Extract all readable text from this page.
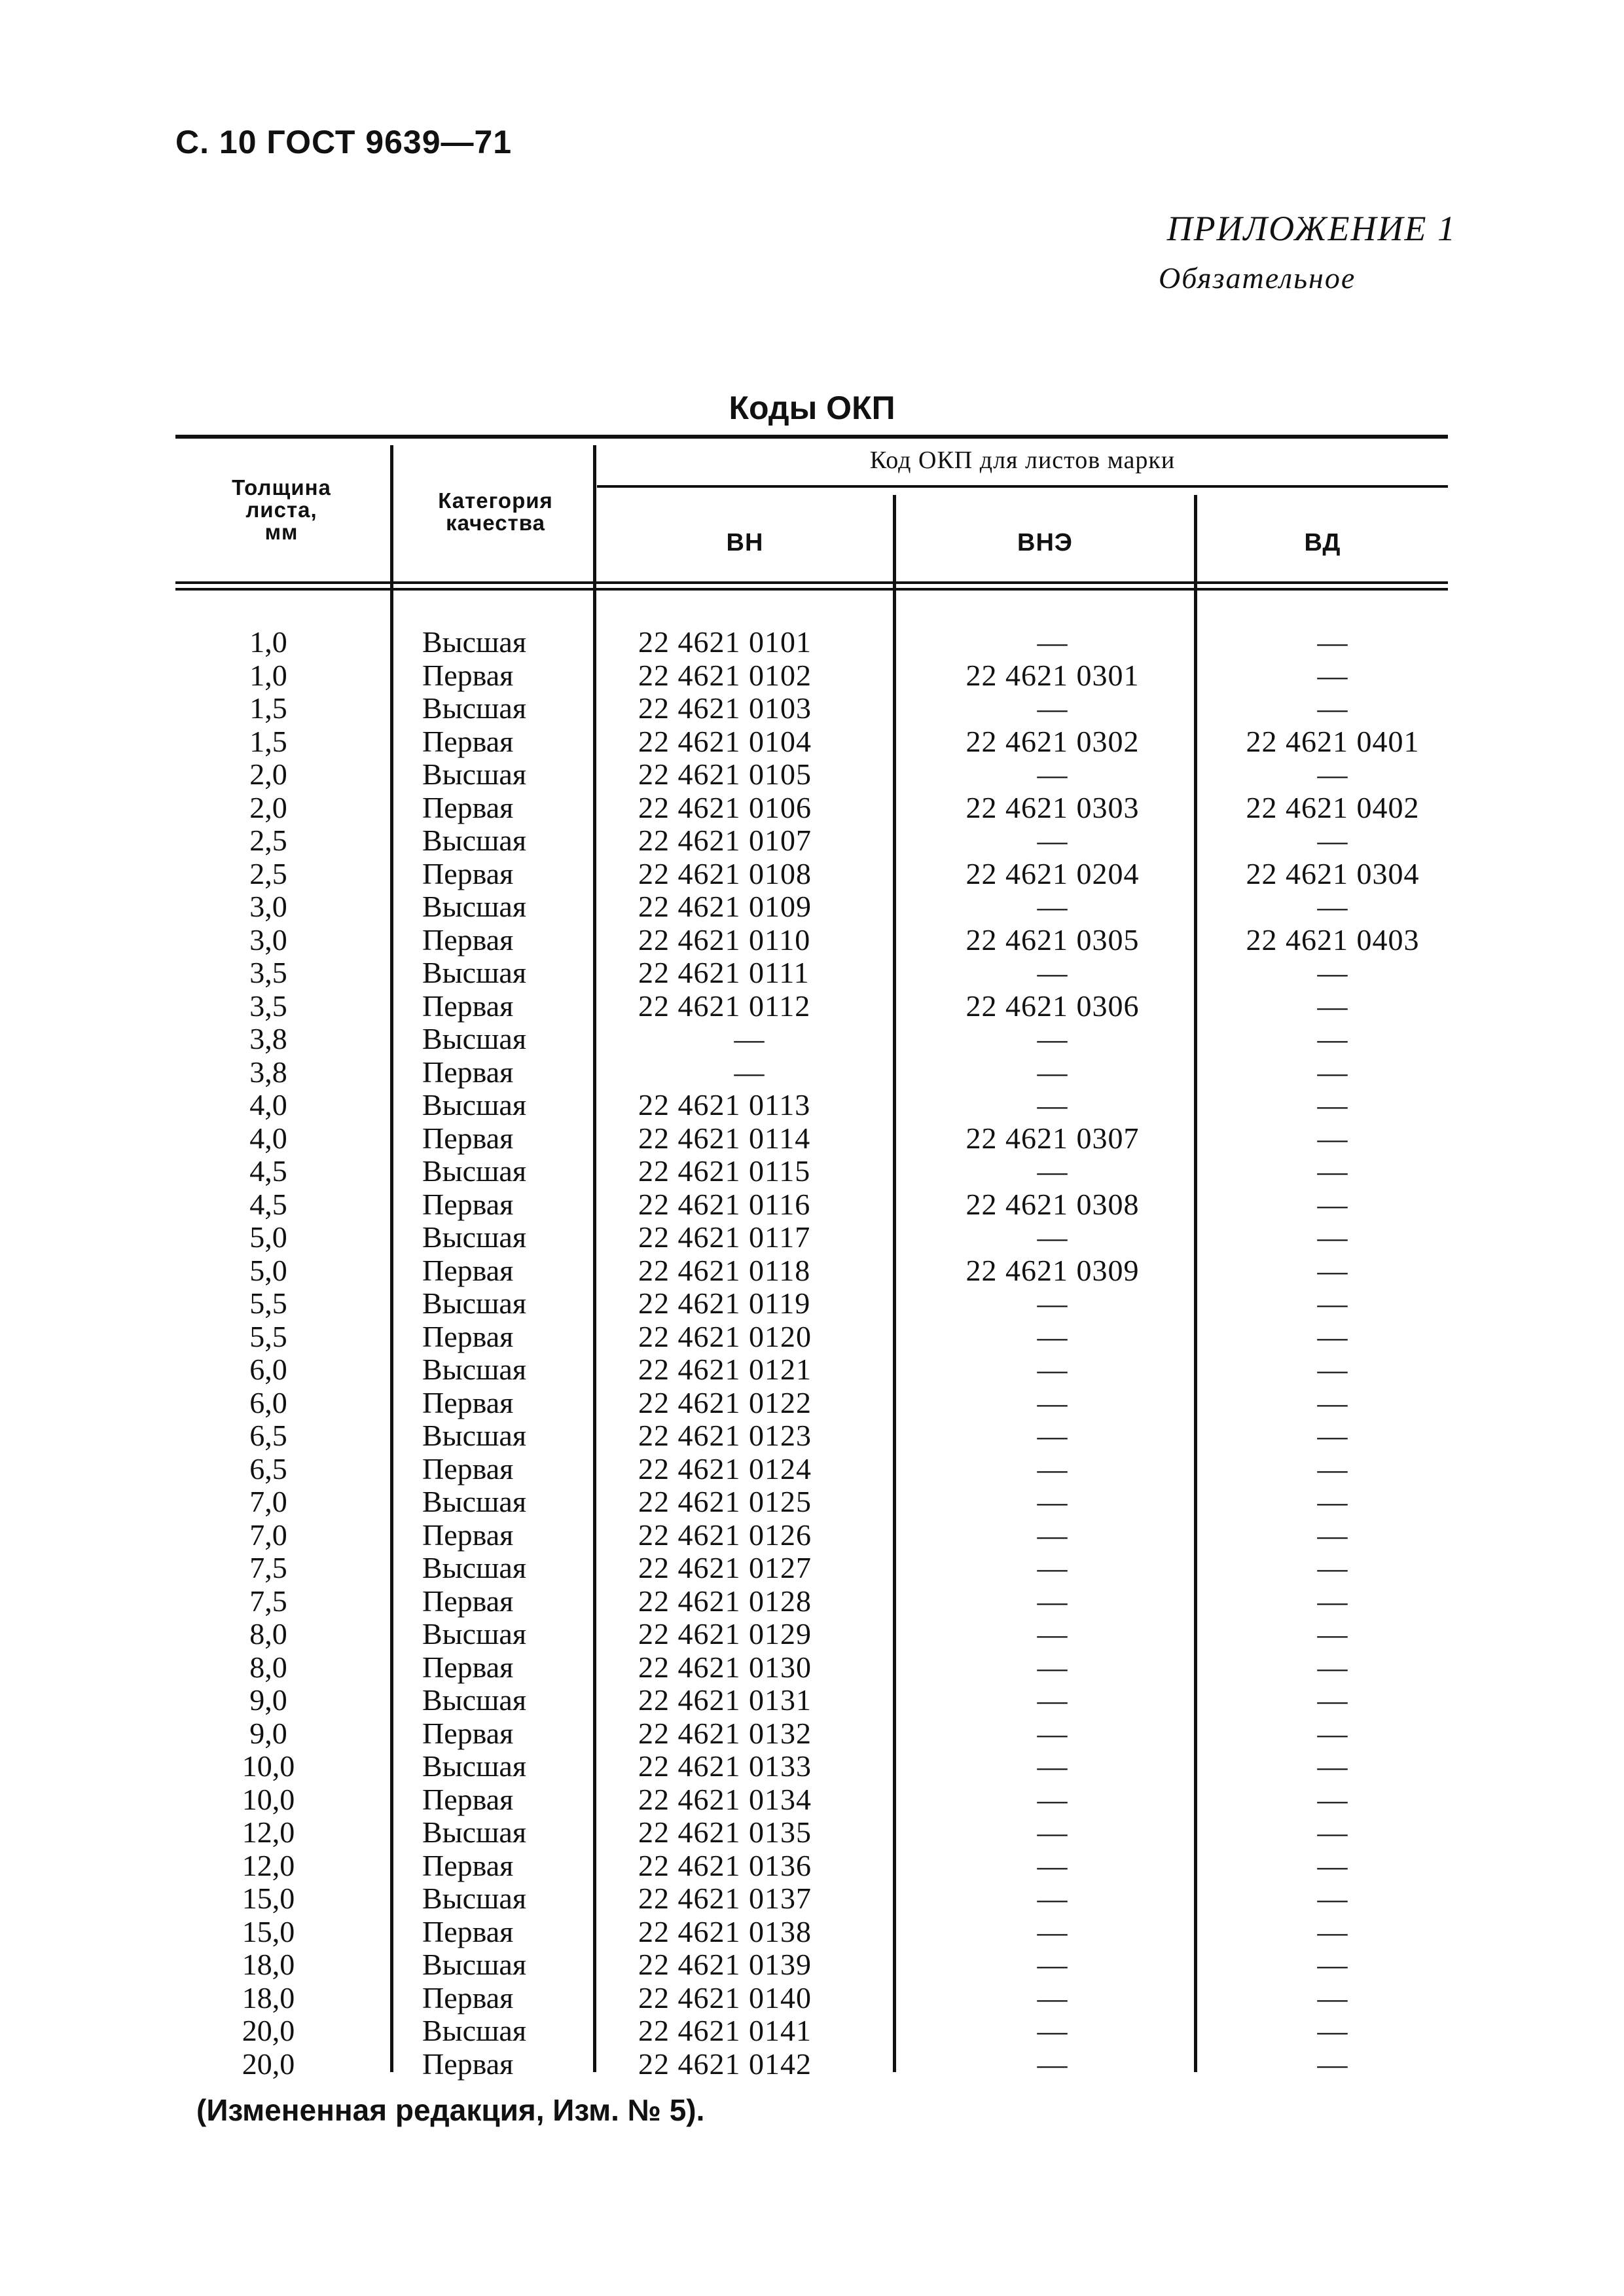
С. 10 ГОСТ 9639—71
ПРИЛОЖЕНИЕ 1
Обязательное
Коды ОКП
Толщина
листа,
мм
Категория
качества
Код ОКП для листов марки
ВН	ВНЭ	ВД
1,0	Высшая	22 4621 0101	—	—
1,0	Первая	22 4621 0102	22 4621 0301	—
1,5	Высшая	22 4621 0103	—	—
1,5	Первая	22 4621 0104	22 4621 0302	22 4621 0401
2,0	Высшая	22 4621 0105	—	—
2,0	Первая	22 4621 0106	22 4621 0303	22 4621 0402
2,5	Высшая	22 4621 0107	—	—
2,5	Первая	22 4621 0108	22 4621 0204	22 4621 0304
3,0	Высшая	22 4621 0109	—	—
3,0	Первая	22 4621 0110	22 4621 0305	22 4621 0403
3,5	Высшая	22 4621 0111	—	—
3,5	Первая	22 4621 0112	22 4621 0306	—
3,8	Высшая	—	—	—
3,8	Первая	—	—	—
4,0	Высшая	22 4621 0113	—	—
4,0	Первая	22 4621 0114	22 4621 0307	—
4,5	Высшая	22 4621 0115	—	—
4,5	Первая	22 4621 0116	22 4621 0308	—
5,0	Высшая	22 4621 0117	—	—
5,0	Первая	22 4621 0118	22 4621 0309	—
5,5	Высшая	22 4621 0119	—	—
5,5	Первая	22 4621 0120	—	—
6,0	Высшая	22 4621 0121	—	—
6,0	Первая	22 4621 0122	—	—
6,5	Высшая	22 4621 0123	—	—
6,5	Первая	22 4621 0124	—	—
7,0	Высшая	22 4621 0125	—	—
7,0	Первая	22 4621 0126	—	—
7,5	Высшая	22 4621 0127	—	—
7,5	Первая	22 4621 0128	—	—
8,0	Высшая	22 4621 0129	—	—
8,0	Первая	22 4621 0130	—	—
9,0	Высшая	22 4621 0131	—	—
9,0	Первая	22 4621 0132	—	—
10,0	Высшая	22 4621 0133	—	—
10,0	Первая	22 4621 0134	—	—
12,0	Высшая	22 4621 0135	—	—
12,0	Первая	22 4621 0136	—	—
15,0	Высшая	22 4621 0137	—	—
15,0	Первая	22 4621 0138	—	—
18,0	Высшая	22 4621 0139	—	—
18,0	Первая	22 4621 0140	—	—
20,0	Высшая	22 4621 0141	—	—
20,0	Первая	22 4621 0142	—	—
(Измененная редакция, Изм. № 5).
